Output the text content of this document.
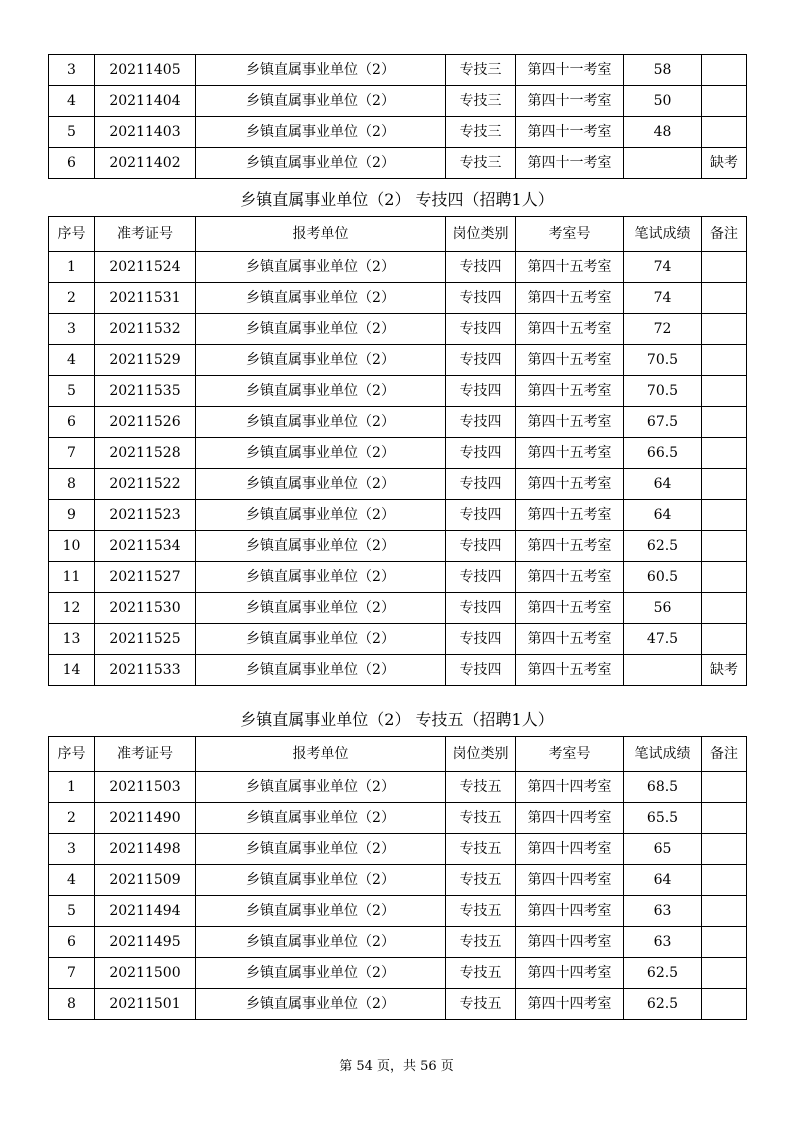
3	20211405	乡镇直属事业单位（2）	专技三	第四十一考室	58	
4	20211404	乡镇直属事业单位（2）	专技三	第四十一考室	50	
5	20211403	乡镇直属事业单位（2）	专技三	第四十一考室	48	
6	20211402	乡镇直属事业单位（2）	专技三	第四十一考室		缺考
乡镇直属事业单位（2） 专技四（招聘1人）
序号	准考证号	报考单位	岗位类别	考室号	笔试成绩	备注
1	20211524	乡镇直属事业单位（2）	专技四	第四十五考室	74	
2	20211531	乡镇直属事业单位（2）	专技四	第四十五考室	74	
3	20211532	乡镇直属事业单位（2）	专技四	第四十五考室	72	
4	20211529	乡镇直属事业单位（2）	专技四	第四十五考室	70.5	
5	20211535	乡镇直属事业单位（2）	专技四	第四十五考室	70.5	
6	20211526	乡镇直属事业单位（2）	专技四	第四十五考室	67.5	
7	20211528	乡镇直属事业单位（2）	专技四	第四十五考室	66.5	
8	20211522	乡镇直属事业单位（2）	专技四	第四十五考室	64	
9	20211523	乡镇直属事业单位（2）	专技四	第四十五考室	64	
10	20211534	乡镇直属事业单位（2）	专技四	第四十五考室	62.5	
11	20211527	乡镇直属事业单位（2）	专技四	第四十五考室	60.5	
12	20211530	乡镇直属事业单位（2）	专技四	第四十五考室	56	
13	20211525	乡镇直属事业单位（2）	专技四	第四十五考室	47.5	
14	20211533	乡镇直属事业单位（2）	专技四	第四十五考室		缺考
乡镇直属事业单位（2） 专技五（招聘1人）
序号	准考证号	报考单位	岗位类别	考室号	笔试成绩	备注
1	20211503	乡镇直属事业单位（2）	专技五	第四十四考室	68.5	
2	20211490	乡镇直属事业单位（2）	专技五	第四十四考室	65.5	
3	20211498	乡镇直属事业单位（2）	专技五	第四十四考室	65	
4	20211509	乡镇直属事业单位（2）	专技五	第四十四考室	64	
5	20211494	乡镇直属事业单位（2）	专技五	第四十四考室	63	
6	20211495	乡镇直属事业单位（2）	专技五	第四十四考室	63	
7	20211500	乡镇直属事业单位（2）	专技五	第四十四考室	62.5	
8	20211501	乡镇直属事业单位（2）	专技五	第四十四考室	62.5	
第 54 页，共 56 页
